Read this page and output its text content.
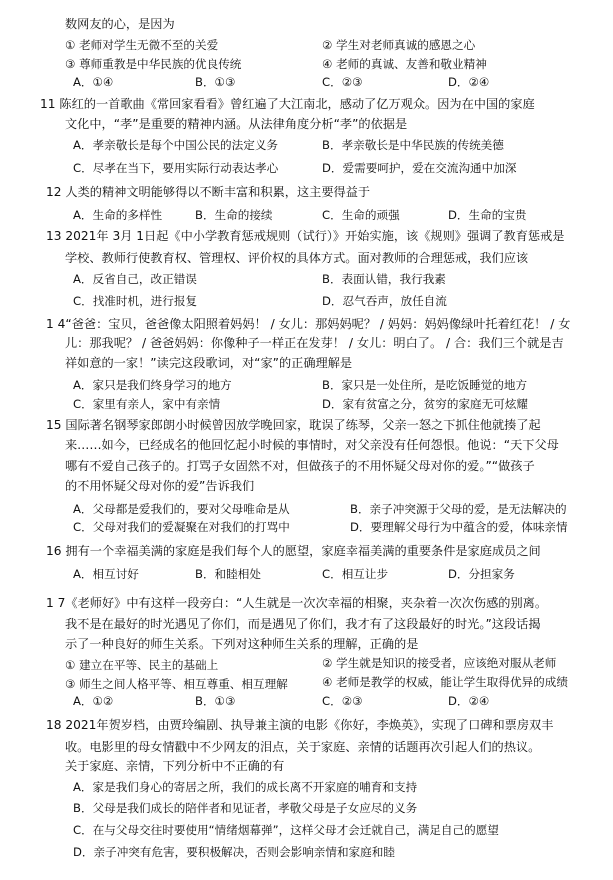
数网友的心，是因为
① 老师对学生无微不至的关爱	② 学生对老师真诚的感恩之心
③ 尊师重教是中华民族的优良传统	④ 老师的真诚、友善和敬业精神
A．①④	B．①③	C．②③	D．②④
11 陈红的一首歌曲《常回家看看》曾红遍了大江南北，感动了亿万观众。因为在中国的家庭
文化中，“孝”是重要的精神内涵。从法律角度分析“孝”的依据是
A．孝亲敬长是每个中国公民的法定义务	B．孝亲敬长是中华民族的传统美德
C．尽孝在当下，要用实际行动表达孝心	D．爱需要呵护，爱在交流沟通中加深
12 人类的精神文明能够得以不断丰富和积累，这主要得益于
A．生命的多样性	B．生命的接续	C．生命的顽强	D．生命的宝贵
13 2021年 3月 1日起《中小学教育惩戒规则（试行）》开始实施，该《规则》强调了教育惩戒是
学校、教师行使教育权、管理权、评价权的具体方式。面对教师的合理惩戒，我们应该
A．反省自己，改正错误	B．表面认错，我行我素
C．找准时机，进行报复	D．忍气吞声，放任自流
1 4“爸爸：宝贝，爸爸像太阳照着妈妈！ / 女儿：那妈妈呢？ / 妈妈：妈妈像绿叶托着红花！ / 女
儿：那我呢？ / 爸爸妈妈：你像种子一样正在发芽！ / 女儿：明白了。 / 合：我们三个就是吉
祥如意的一家！”读完这段歌词，对“家”的正确理解是
A．家只是我们终身学习的地方	B．家只是一处住所，是吃饭睡觉的地方
C．家里有亲人，家中有亲情	D．家有贫富之分，贫穷的家庭无可炫耀
15 国际著名钢琴家郎朗小时候曾因放学晚回家，耽误了练琴，父亲一怒之下抓住他就揍了起
来……如今，已经成名的他回忆起小时候的事情时，对父亲没有任何怨恨。他说：“天下父母
哪有不爱自己孩子的。打骂子女固然不对，但做孩子的不用怀疑父母对你的爱。”“做孩子
的不用怀疑父母对你的爱”告诉我们
A．父母都是爱我们的，要对父母唯命是从	B．亲子冲突源于父母的爱，是无法解决的
C．父母对我们的爱凝聚在对我们的打骂中	D．要理解父母行为中蕴含的爱，体味亲情
16 拥有一个幸福美满的家庭是我们每个人的愿望，家庭幸福美满的重要条件是家庭成员之间
A．相互讨好	B．和睦相处	C．相互让步	D．分担家务
1 7《老师好》中有这样一段旁白：“人生就是一次次幸福的相聚，夹杂着一次次伤感的别离。
我不是在最好的时光遇见了你们，而是遇见了你们，我才有了这段最好的时光。”这段话揭
示了一种良好的师生关系。下列对这种师生关系的理解，正确的是
① 建立在平等、民主的基础上	② 学生就是知识的接受者，应该绝对服从老师
③ 师生之间人格平等、相互尊重、相互理解	④ 老师是教学的权威，能让学生取得优异的成绩
A．①②	B．①③	C．②③	D．②④
18 2021年贺岁档，由贾玲编剧、执导兼主演的电影《你好，李焕英》，实现了口碑和票房双丰
收。电影里的母女情戳中不少网友的泪点，关于家庭、亲情的话题再次引起人们的热议。
关于家庭、亲情，下列分析中不正确的有
A．家是我们身心的寄居之所，我们的成长离不开家庭的哺育和支持
B．父母是我们成长的陪伴者和见证者，孝敬父母是子女应尽的义务
C．在与父母交往时要使用“情绪烟幕弹”，这样父母才会迁就自己，满足自己的愿望
D．亲子冲突有危害，要积极解决，否则会影响亲情和家庭和睦
